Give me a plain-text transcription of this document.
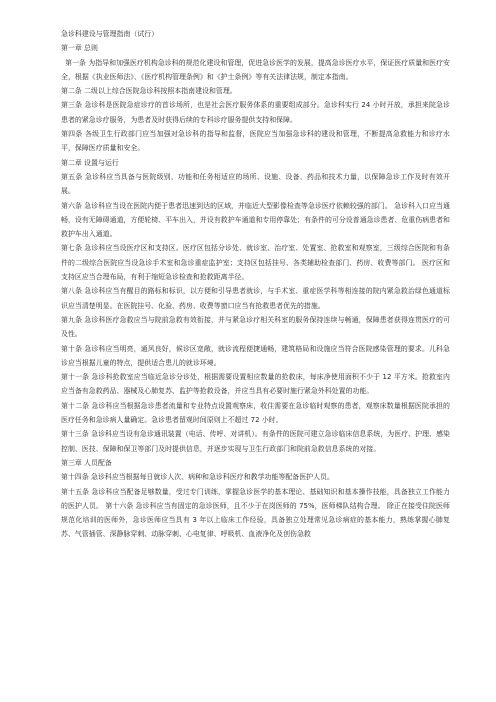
急诊科建设与管理指南（试行）

第一章 总则

第一条 为指导和加强医疗机构急诊科的规范化建设和管理，促进急诊医学的发展，提高急诊医疗水平，保证医疗质量和医疗安全，根据《执业医师法》、《医疗机构管理条例》和《护士条例》等有关法律法规，制定本指南。

第二条 二级以上综合医院急诊科按照本指南建设和管理。

第三条 急诊科是医院急症诊疗的首诊场所，也是社会医疗服务体系的重要组成部分。急诊科实行 24 小时开放，承担来院急诊患者的紧急诊疗服务，为患者及时获得后续的专科诊疗服务提供支持和保障。

第四条 各级卫生行政部门应当加强对急诊科的指导和监督，医院应当加强急诊科的建设和管理，不断提高急救能力和诊疗水平，保障医疗质量和安全。

第二章 设置与运行

第五条 急诊科应当具备与医院级别、功能和任务相适应的场所、设施、设备、药品和技术力量，以保障急诊工作及时有效开展。

第六条 急诊科应当设在医院内便于患者迅速到达的区域，并临近大型影像检查等急诊医疗依赖较强的部门。 急诊科入口应当通畅，设有无障碍通道，方便轮椅、平车出入，并设有救护车通道和专用停靠处；有条件的可分设普通急诊患者、危重伤病患者和救护车出入通道。

第七条 急诊科应当设医疗区和支持区。医疗区包括分诊处、就诊室、治疗室、处置室、抢救室和观察室，三级综合医院和有条件的二级综合医院应当设急诊手术室和急诊重症监护室；支持区包括挂号、各类辅助检查部门、药房、收费等部门。 医疗区和支持区应当合理布局，有利于缩短急诊检查和抢救距离半径。

第八条 急诊科应当有醒目的路标和标识，以方便和引导患者就诊，与手术室、重症医学科等相连接的院内紧急救治绿色通道标识应当清楚明显。在医院挂号、化验、药房、收费等窗口应当有抢救患者优先的措施。

第九条 急诊科医疗急救应当与院前急救有效衔接，并与紧急诊疗相关科室的服务保持连续与畅通，保障患者获得连贯医疗的可及性。

第十条 急诊科应当明亮，通风良好，候诊区宽敞，就诊流程便捷通畅，建筑格局和设施应当符合医院感染管理的要求。儿科急诊应当根据儿童的特点，提供适合患儿的就诊环境。

第十一条 急诊科抢救室应当临近急诊分诊处，根据需要设置相应数量的抢救床，每床净使用面积不少于 12 平方米。抢救室内应当备有急救药品、器械及心肺复苏、监护等抢救设备，并应当具有必要时施行紧急外科处置的功能。

第十二条 急诊科应当根据急诊患者流量和专业特点设置观察床，收住需要在急诊临时观察的患者，观察床数量根据医院承担的医疗任务和急诊病人量确定。急诊患者留观时间原则上不超过 72 小时。

第十三条 急诊科应当设有急诊通讯装置（电话、传呼、对讲机）。有条件的医院可建立急诊临床信息系统，为医疗、护理、感染控制、医技、保障和保卫等部门及时提供信息，并逐步实现与卫生行政部门和院前急救信息系统的对接。

第三章 人员配备

第十四条 急诊科应当根据每日就诊人次、病种和急诊科医疗和教学功能等配备医护人员。

第十五条 急诊科应当配备足够数量，受过专门训练，掌握急诊医学的基本理论、基础知识和基本操作技能，具备独立工作能力的医护人员。 第十六条 急诊科应当有固定的急诊医师，且不少于在岗医师的 75%，医师梯队结构合理。 除正在接受住院医师规范化培训的医师外，急诊医师应当具有 3 年以上临床工作经验，具备独立处理常见急诊病症的基本能力，熟练掌握心肺复苏、气管插管、深静脉穿刺、动脉穿刺、心电复律、呼吸机、血液净化及创伤急救
